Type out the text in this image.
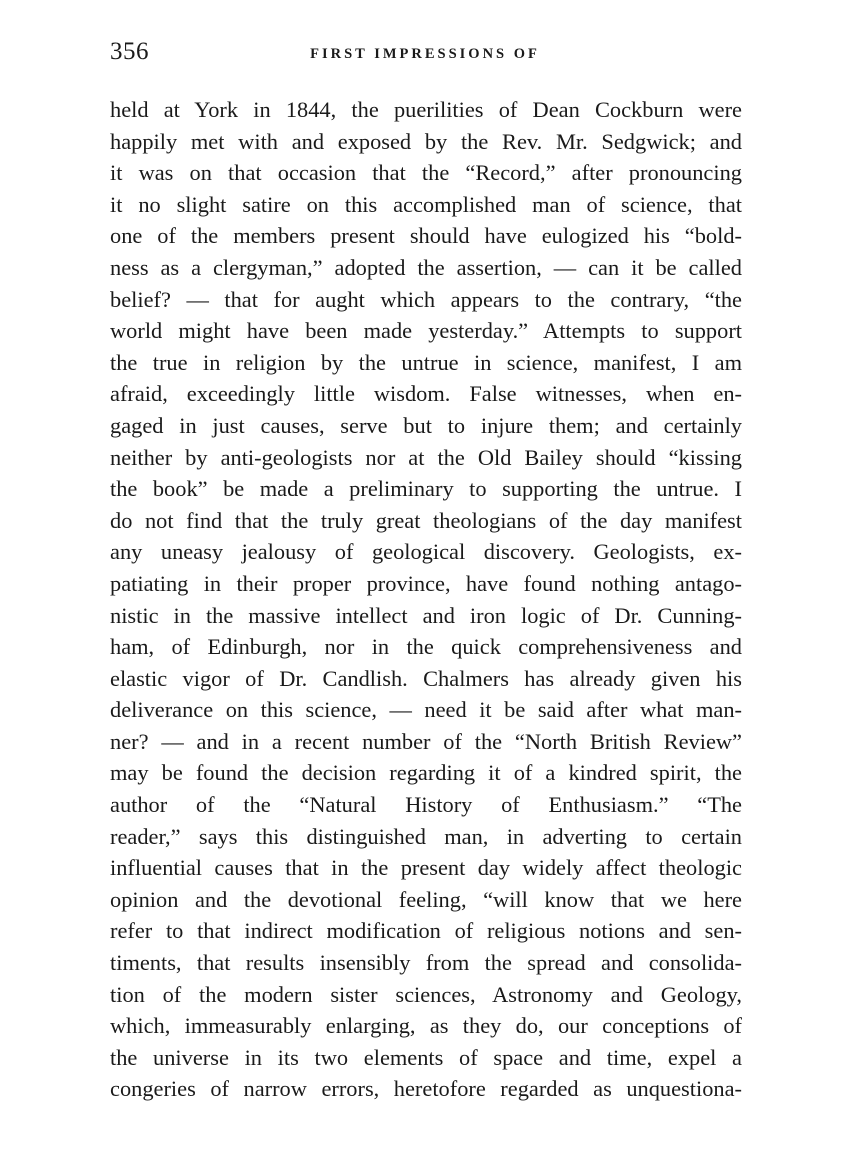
356	FIRST IMPRESSIONS OF
held at York in 1844, the puerilities of Dean Cockburn were
happily met with and exposed by the Rev. Mr. Sedgwick; and
it was on that occasion that the “Record,” after pronouncing
it no slight satire on this accomplished man of science, that
one of the members present should have eulogized his “bold-
ness as a clergyman,” adopted the assertion, — can it be called
belief? — that for aught which appears to the contrary, “the
world might have been made yesterday.” Attempts to support
the true in religion by the untrue in science, manifest, I am
afraid, exceedingly little wisdom. False witnesses, when en-
gaged in just causes, serve but to injure them; and certainly
neither by anti-geologists nor at the Old Bailey should “kissing
the book” be made a preliminary to supporting the untrue. I
do not find that the truly great theologians of the day manifest
any uneasy jealousy of geological discovery. Geologists, ex-
patiating in their proper province, have found nothing antago-
nistic in the massive intellect and iron logic of Dr. Cunning-
ham, of Edinburgh, nor in the quick comprehensiveness and
elastic vigor of Dr. Candlish. Chalmers has already given his
deliverance on this science, — need it be said after what man-
ner? — and in a recent number of the “North British Review”
may be found the decision regarding it of a kindred spirit, the
author of the “Natural History of Enthusiasm.” “The
reader,” says this distinguished man, in adverting to certain
influential causes that in the present day widely affect theologic
opinion and the devotional feeling, “will know that we here
refer to that indirect modification of religious notions and sen-
timents, that results insensibly from the spread and consolida-
tion of the modern sister sciences, Astronomy and Geology,
which, immeasurably enlarging, as they do, our conceptions of
the universe in its two elements of space and time, expel a
congeries of narrow errors, heretofore regarded as unquestiona-
